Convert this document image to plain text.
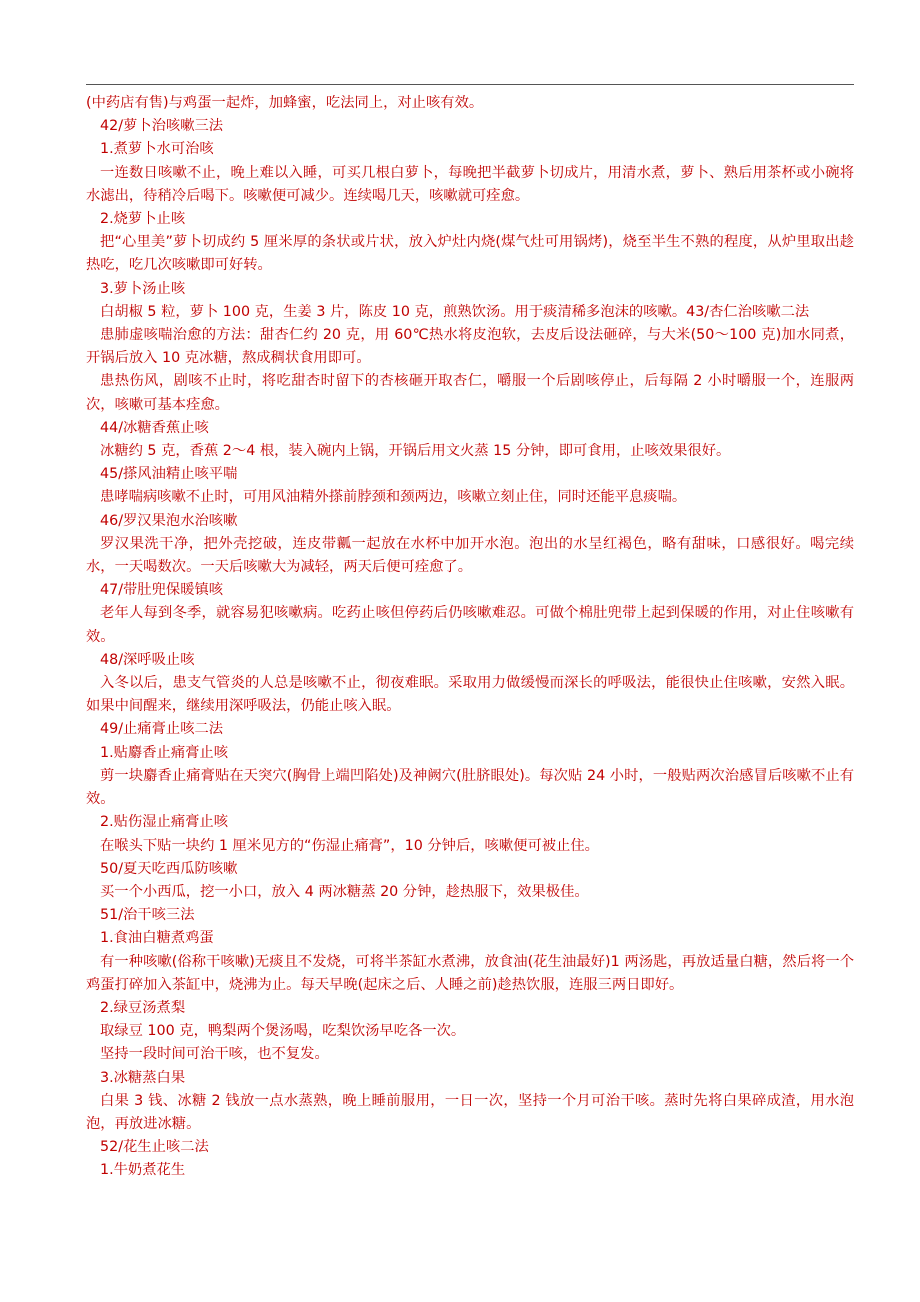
(中药店有售)与鸡蛋一起炸，加蜂蜜，吃法同上，对止咳有效。
42/萝卜治咳嗽三法
1.煮萝卜水可治咳
一连数日咳嗽不止，晚上难以入睡，可买几根白萝卜，每晚把半截萝卜切成片，用清水煮，萝卜、熟后用茶杯或小碗将水滤出，待稍冷后喝下。咳嗽便可减少。连续喝几天，咳嗽就可痊愈。
2.烧萝卜止咳
把“心里美”萝卜切成约 5 厘米厚的条状或片状，放入炉灶内烧(煤气灶可用锅烤)，烧至半生不熟的程度，从炉里取出趁热吃，吃几次咳嗽即可好转。
3.萝卜汤止咳
白胡椒 5 粒，萝卜 100 克，生姜 3 片，陈皮 10 克，煎熟饮汤。用于痰清稀多泡沫的咳嗽。43/杏仁治咳嗽二法
患肺虚咳喘治愈的方法：甜杏仁约 20 克，用 60℃热水将皮泡软，去皮后设法砸碎，与大米(50～100 克)加水同煮，开锅后放入 10 克冰糖，熬成稠状食用即可。
患热伤风，剧咳不止时，将吃甜杏时留下的杏核砸开取杏仁，嚼服一个后剧咳停止，后每隔 2 小时嚼服一个，连服两次，咳嗽可基本痊愈。
44/冰糖香蕉止咳
冰糖约 5 克，香蕉 2～4 根，装入碗内上锅，开锅后用文火蒸 15 分钟，即可食用，止咳效果很好。
45/搽风油精止咳平喘
患哮喘病咳嗽不止时，可用风油精外搽前脖颈和颈两边，咳嗽立刻止住，同时还能平息痰喘。
46/罗汉果泡水治咳嗽
罗汉果洗干净，把外壳挖破，连皮带瓤一起放在水杯中加开水泡。泡出的水呈红褐色，略有甜味，口感很好。喝完续水，一天喝数次。一天后咳嗽大为减轻，两天后便可痊愈了。
47/带肚兜保暖镇咳
老年人每到冬季，就容易犯咳嗽病。吃药止咳但停药后仍咳嗽难忍。可做个棉肚兜带上起到保暖的作用，对止住咳嗽有效。
48/深呼吸止咳
入冬以后，患支气管炎的人总是咳嗽不止，彻夜难眠。采取用力做缓慢而深长的呼吸法，能很快止住咳嗽，安然入眠。如果中间醒来，继续用深呼吸法，仍能止咳入眠。
49/止痛膏止咳二法
1.贴麝香止痛膏止咳
剪一块麝香止痛膏贴在天突穴(胸骨上端凹陷处)及神阙穴(肚脐眼处)。每次贴 24 小时，一般贴两次治感冒后咳嗽不止有效。
2.贴伤湿止痛膏止咳
在喉头下贴一块约 1 厘米见方的“伤湿止痛膏”，10 分钟后，咳嗽便可被止住。
50/夏天吃西瓜防咳嗽
买一个小西瓜，挖一小口，放入 4 两冰糖蒸 20 分钟，趁热服下，效果极佳。
51/治干咳三法
1.食油白糖煮鸡蛋
有一种咳嗽(俗称干咳嗽)无痰且不发烧，可将半茶缸水煮沸，放食油(花生油最好)1 两汤匙，再放适量白糖，然后将一个鸡蛋打碎加入茶缸中，烧沸为止。每天早晚(起床之后、人睡之前)趁热饮服，连服三两日即好。
2.绿豆汤煮梨
取绿豆 100 克，鸭梨两个煲汤喝，吃梨饮汤早吃各一次。
坚持一段时间可治干咳，也不复发。
3.冰糖蒸白果
白果 3 钱、冰糖 2 钱放一点水蒸熟，晚上睡前服用，一日一次，坚持一个月可治干咳。蒸时先将白果碎成渣，用水泡泡，再放进冰糖。
52/花生止咳二法
1.牛奶煮花生
